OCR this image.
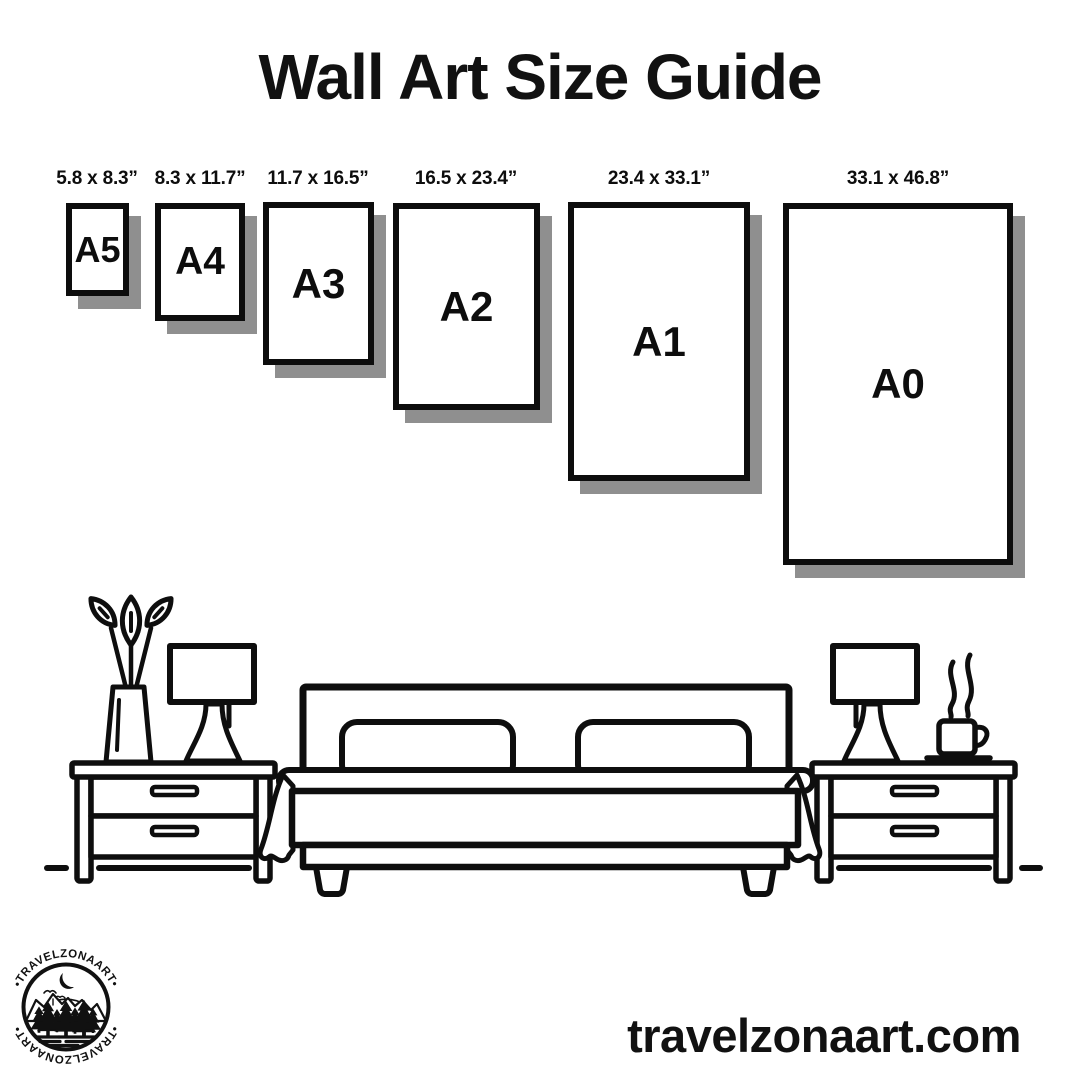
Wall Art Size Guide
5.8 x 8.3” 8.3 x 11.7”	11.7 x 16.5”	16.5 x 23.4”	23.4 x 33.1”	33.1 x 46.8”
A5 A4 A3 A2
A1
A0
•TRAVELZONAART•
•TRAVELZONAART•	travelzonaart.com
